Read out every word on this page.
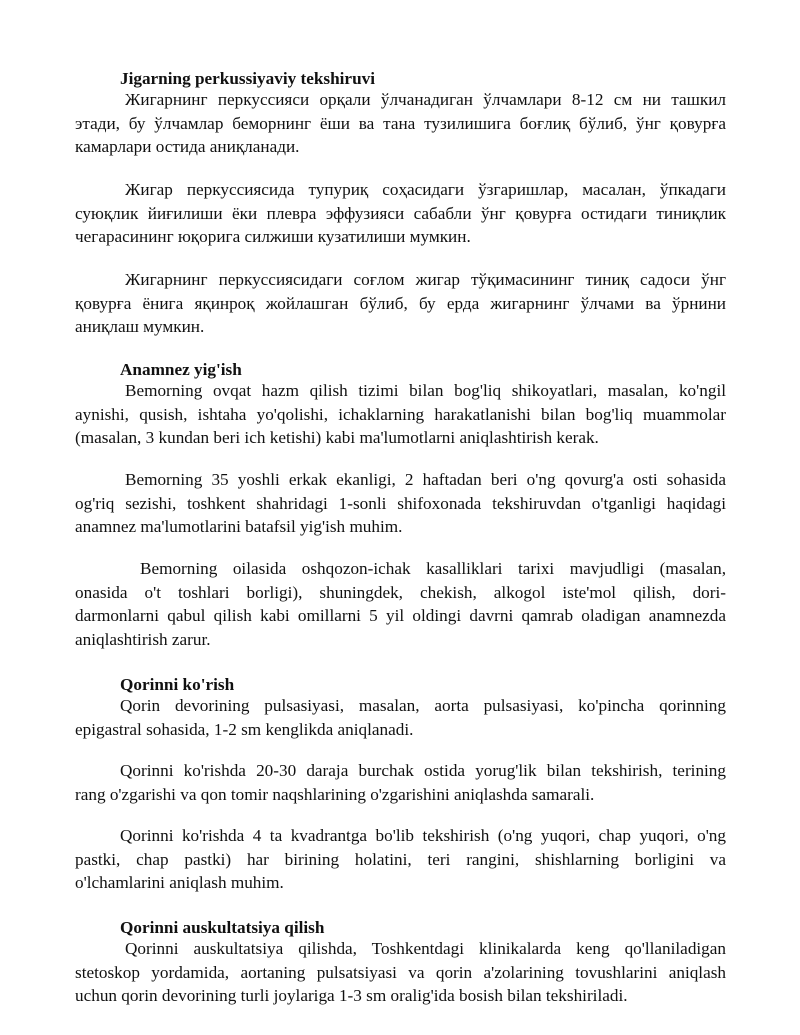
Jigarning perkussiyaviy tekshiruvi
Жигарнинг перкуссияси орқали ўлчанадиган ўлчамлари 8-12 см ни ташкил
этади, бу ўлчамлар беморнинг ёши ва тана тузилишига боғлиқ бўлиб, ўнг қовурға
камарлари остида аниқланади.
Жигар перкуссиясида тупуриқ соҳасидаги ўзгаришлар, масалан, ўпкадаги
суюқлик йиғилиши ёки плевра эффузияси сабабли ўнг қовурға остидаги тиниқлик
чегарасининг юқорига силжиши кузатилиши мумкин.
Жигарнинг перкуссиясидаги соғлом жигар тўқимасининг тиниқ садоси ўнг
қовурға ёнига яқинроқ жойлашган бўлиб, бу ерда жигарнинг ўлчами ва ўрнини
аниқлаш мумкин.
Anamnez yig'ish
Bemorning ovqat hazm qilish tizimi bilan bog'liq shikoyatlari, masalan, ko'ngil
aynishi, qusish, ishtaha yo'qolishi, ichaklarning harakatlanishi bilan bog'liq muammolar
(masalan, 3 kundan beri ich ketishi) kabi ma'lumotlarni aniqlashtirish kerak.
Bemorning 35 yoshli erkak ekanligi, 2 haftadan beri o'ng qovurg'a osti sohasida
og'riq sezishi, toshkent shahridagi 1-sonli shifoxonada tekshiruvdan o'tganligi haqidagi
anamnez ma'lumotlarini batafsil yig'ish muhim.
Bemorning oilasida oshqozon-ichak kasalliklari tarixi mavjudligi (masalan,
onasida o't toshlari borligi), shuningdek, chekish, alkogol iste'mol qilish, dori-
darmonlarni qabul qilish kabi omillarni 5 yil oldingi davrni qamrab oladigan anamnezda
aniqlashtirish zarur.
Qorinni ko'rish
Qorin devorining pulsasiyasi, masalan, aorta pulsasiyasi, ko'pincha qorinning
epigastral sohasida, 1-2 sm kenglikda aniqlanadi.
Qorinni ko'rishda 20-30 daraja burchak ostida yorug'lik bilan tekshirish, terining
rang o'zgarishi va qon tomir naqshlarining o'zgarishini aniqlashda samarali.
Qorinni ko'rishda 4 ta kvadrantga bo'lib tekshirish (o'ng yuqori, chap yuqori, o'ng
pastki, chap pastki) har birining holatini, teri rangini, shishlarning borligini va
o'lchamlarini aniqlash muhim.
Qorinni auskultatsiya qilish
Qorinni auskultatsiya qilishda, Toshkentdagi klinikalarda keng qo'llaniladigan
stetoskop yordamida, aortaning pulsatsiyasi va qorin a'zolarining tovushlarini aniqlash
uchun qorin devorining turli joylariga 1-3 sm oralig'ida bosish bilan tekshiriladi.
